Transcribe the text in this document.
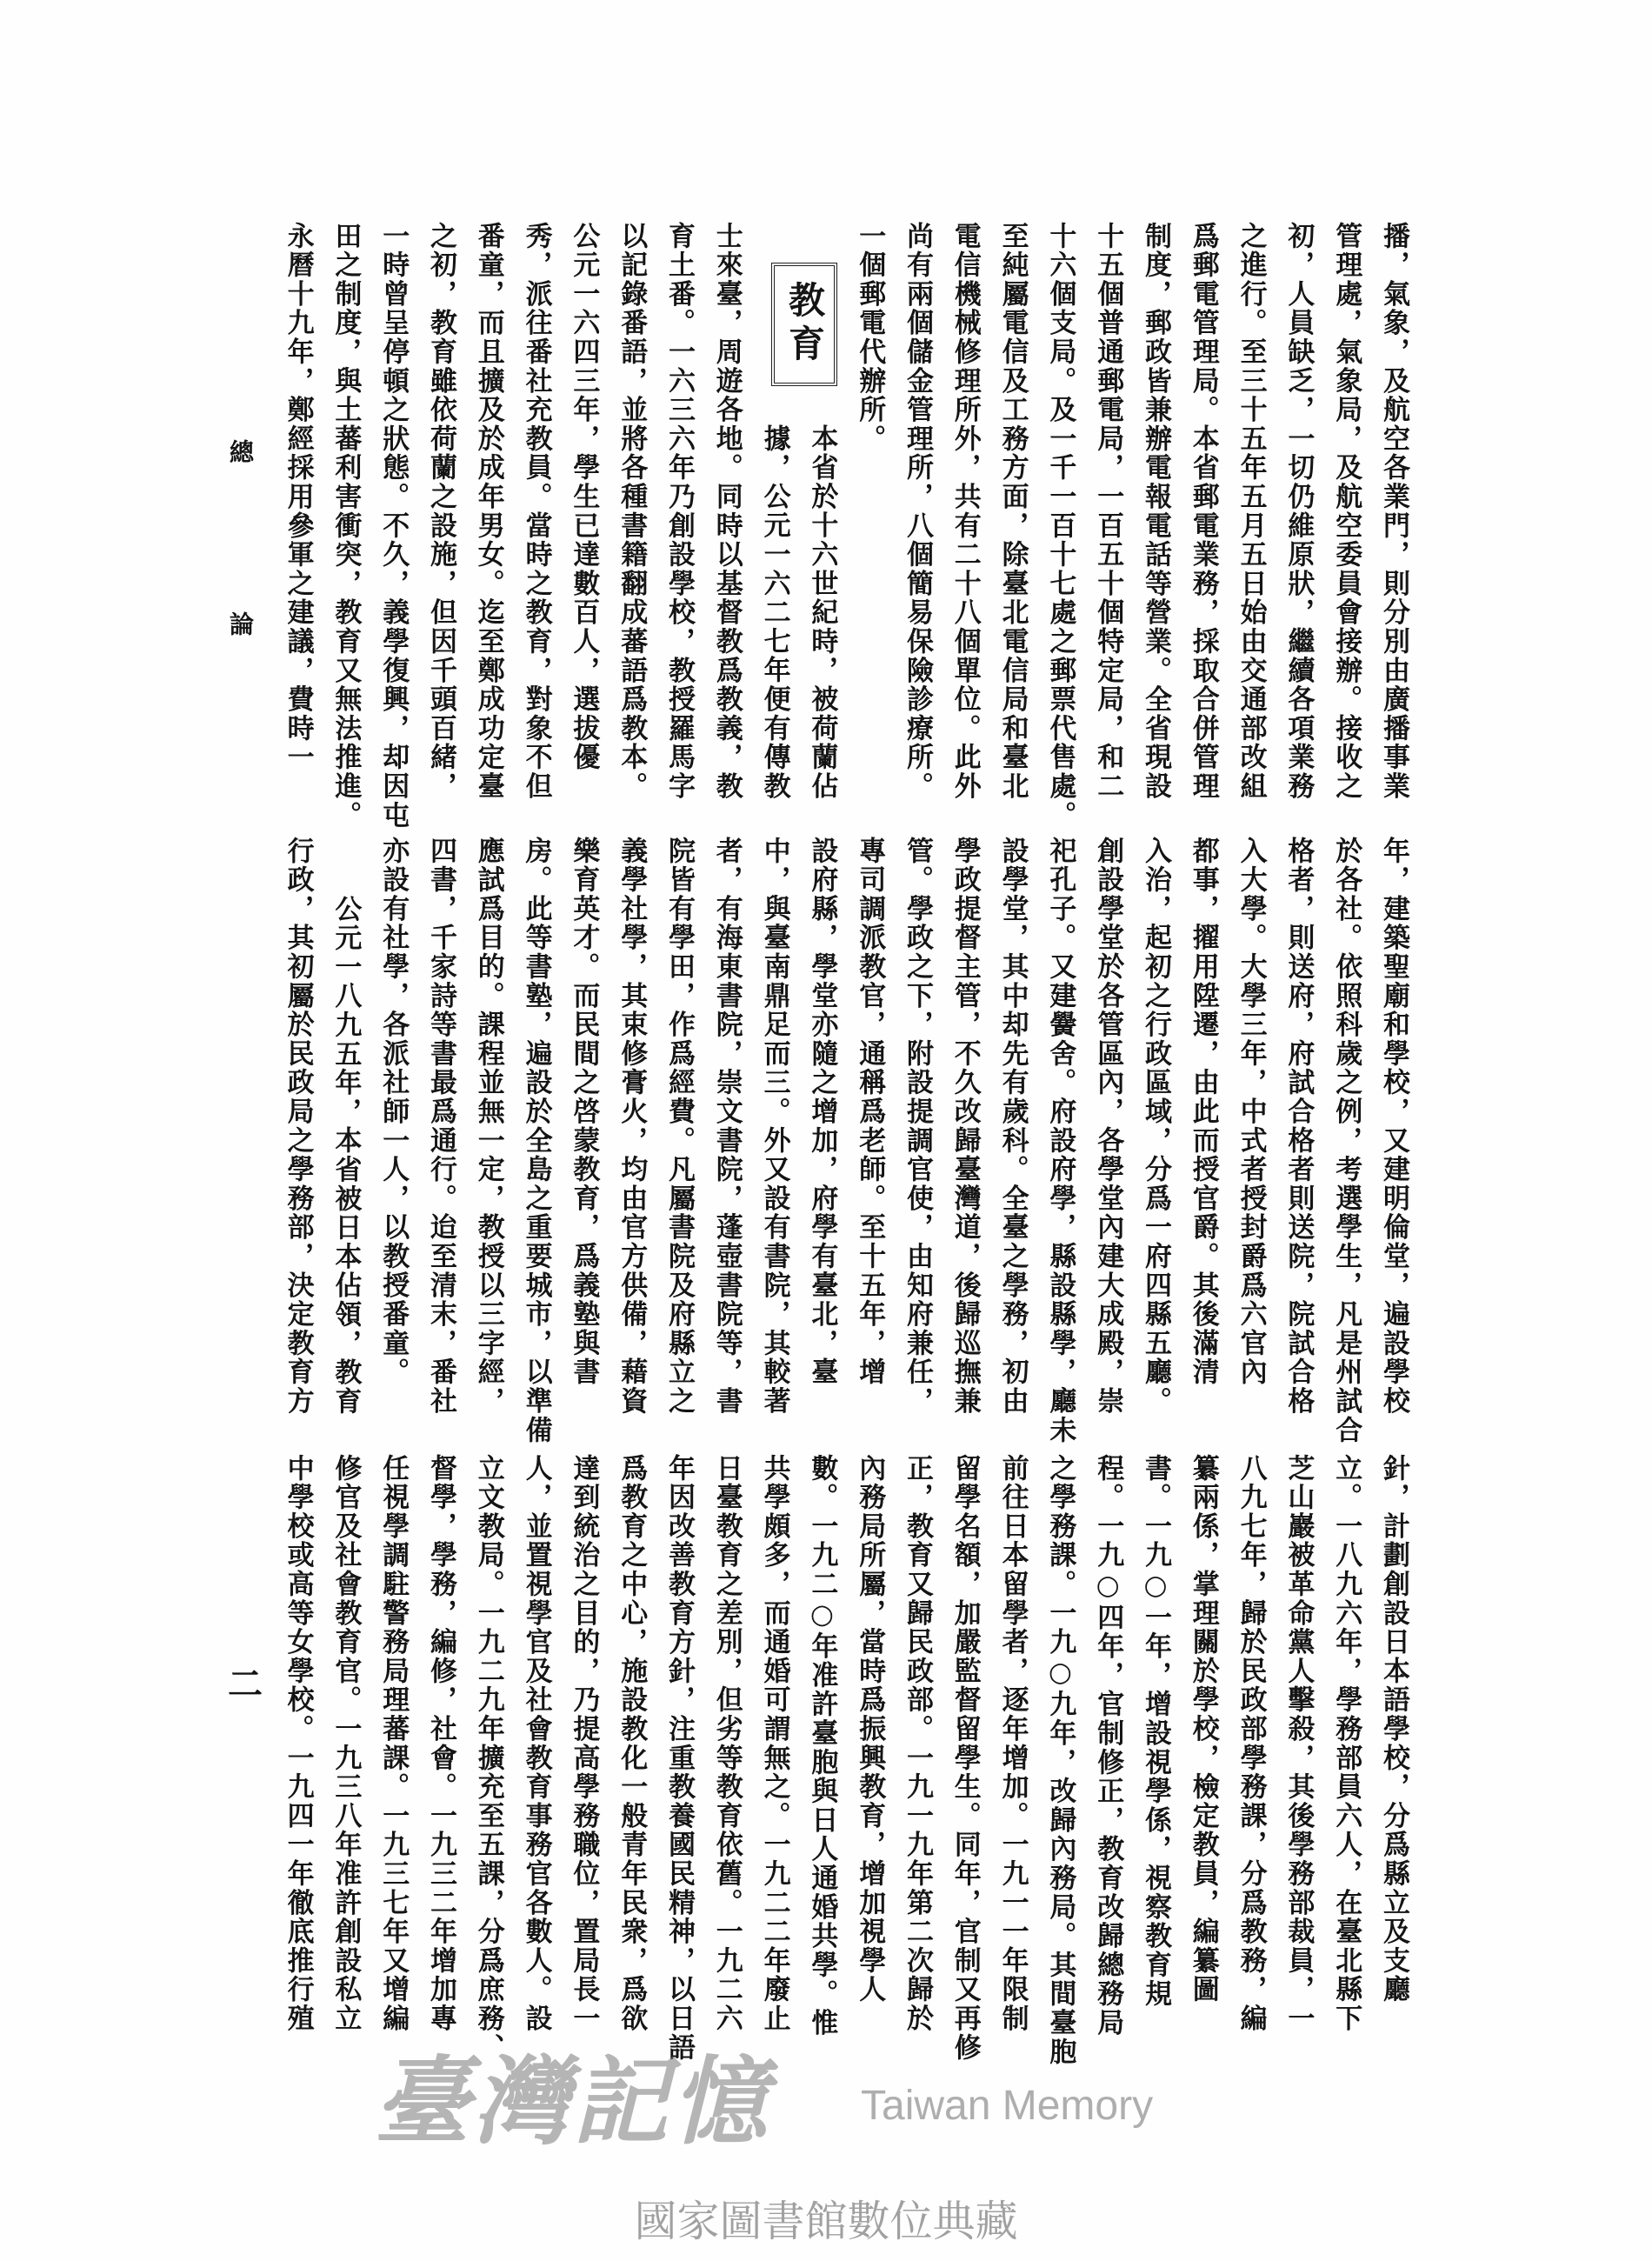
總
論
二
播，氣象，及航空各業門，則分別由廣播事業
管理處，氣象局，及航空委員會接辦。接收之
初，人員缺乏，一切仍維原狀，繼續各項業務
之進行。至三十五年五月五日始由交通部改組
爲郵電管理局。本省郵電業務，採取合併管理
制度，郵政皆兼辦電報電話等營業。全省現設
十五個普通郵電局，一百五十個特定局，和二
十六個支局。及一千一百十七處之郵票代售處。
至純屬電信及工務方面，除臺北電信局和臺北
電信機械修理所外，共有二十八個單位。此外
尚有兩個儲金管理所，八個簡易保險診療所。
一個郵電代辦所。
本省於十六世紀時，被荷蘭佔
據，公元一六二七年便有傳教
士來臺，周遊各地。同時以基督教爲教義，教
育土番。一六三六年乃創設學校，教授羅馬字
以記錄番語，並將各種書籍翻成蕃語爲教本。
公元一六四三年，學生已達數百人，選拔優
秀，派往番社充教員。當時之教育，對象不但
番童，而且擴及於成年男女。迄至鄭成功定臺
之初，教育雖依荷蘭之設施，但因千頭百緒，
一時曾呈停頓之狀態。不久，義學復興，却因屯
田之制度，與土蕃利害衝突，教育又無法推進。
永曆十九年，鄭經採用參軍之建議，費時一
年，建築聖廟和學校，又建明倫堂，遍設學校
於各社。依照科歲之例，考選學生，凡是州試合
格者，則送府，府試合格者則送院，院試合格
入大學。大學三年，中式者授封爵爲六官內
都事，擢用陞遷，由此而授官爵。其後滿清
入治，起初之行政區域，分爲一府四縣五廳。
創設學堂於各管區內，各學堂內建大成殿，崇
祀孔子。又建黌舍。府設府學，縣設縣學，廳未
設學堂，其中却先有歲科。全臺之學務，初由
學政提督主管，不久改歸臺灣道，後歸巡撫兼
管。學政之下，附設提調官使，由知府兼任，
專司調派教官，通稱爲老師。至十五年，增
設府縣，學堂亦隨之增加，府學有臺北，臺
中，與臺南鼎足而三。外又設有書院，其較著
者，有海東書院，崇文書院，蓬壺書院等，書
院皆有學田，作爲經費。凡屬書院及府縣立之
義學社學，其束修膏火，均由官方供備，藉資
樂育英才。而民間之啓蒙教育，爲義塾與書
房。此等書塾，遍設於全島之重要城市，以準備
應試爲目的。課程並無一定，教授以三字經，
四書，千家詩等書最爲通行。迨至清末，番社
亦設有社學，各派社師一人，以教授番童。
公元一八九五年，本省被日本佔領，教育
行政，其初屬於民政局之學務部，決定教育方
針，計劃創設日本語學校，分爲縣立及支廳
立。一八九六年，學務部員六人，在臺北縣下
芝山巖被革命黨人擊殺，其後學務部裁員，一
八九七年，歸於民政部學務課，分爲教務，編
纂兩係，掌理關於學校，檢定教員，編纂圖
書。一九○一年，增設視學係，視察教育規
程。一九○四年，官制修正，教育改歸總務局
之學務課。一九○九年，改歸內務局。其間臺胞
前往日本留學者，逐年增加。一九一一年限制
留學名額，加嚴監督留學生。同年，官制又再修
正，教育又歸民政部。一九一九年第二次歸於
內務局所屬，當時爲振興教育，增加視學人
數。一九二○年准許臺胞與日人通婚共學。惟
共學頗多，而通婚可謂無之。一九二二年廢止
日臺教育之差別，但劣等教育依舊。一九二六
年因改善教育方針，注重教養國民精神，以日語
爲教育之中心，施設教化一般青年民衆，爲欲
達到統治之目的，乃提高學務職位，置局長一
人，並置視學官及社會教育事務官各數人。設
立文教局。一九二九年擴充至五課，分爲庶務、
督學，學務，編修，社會。一九三二年增加專
任視學調駐警務局理蕃課。一九三七年又增編
修官及社會教育官。一九三八年准許創設私立
中學校或高等女學校。一九四一年徹底推行殖
教育
臺灣記憶 Taiwan Memory
國家圖書館數位典藏
